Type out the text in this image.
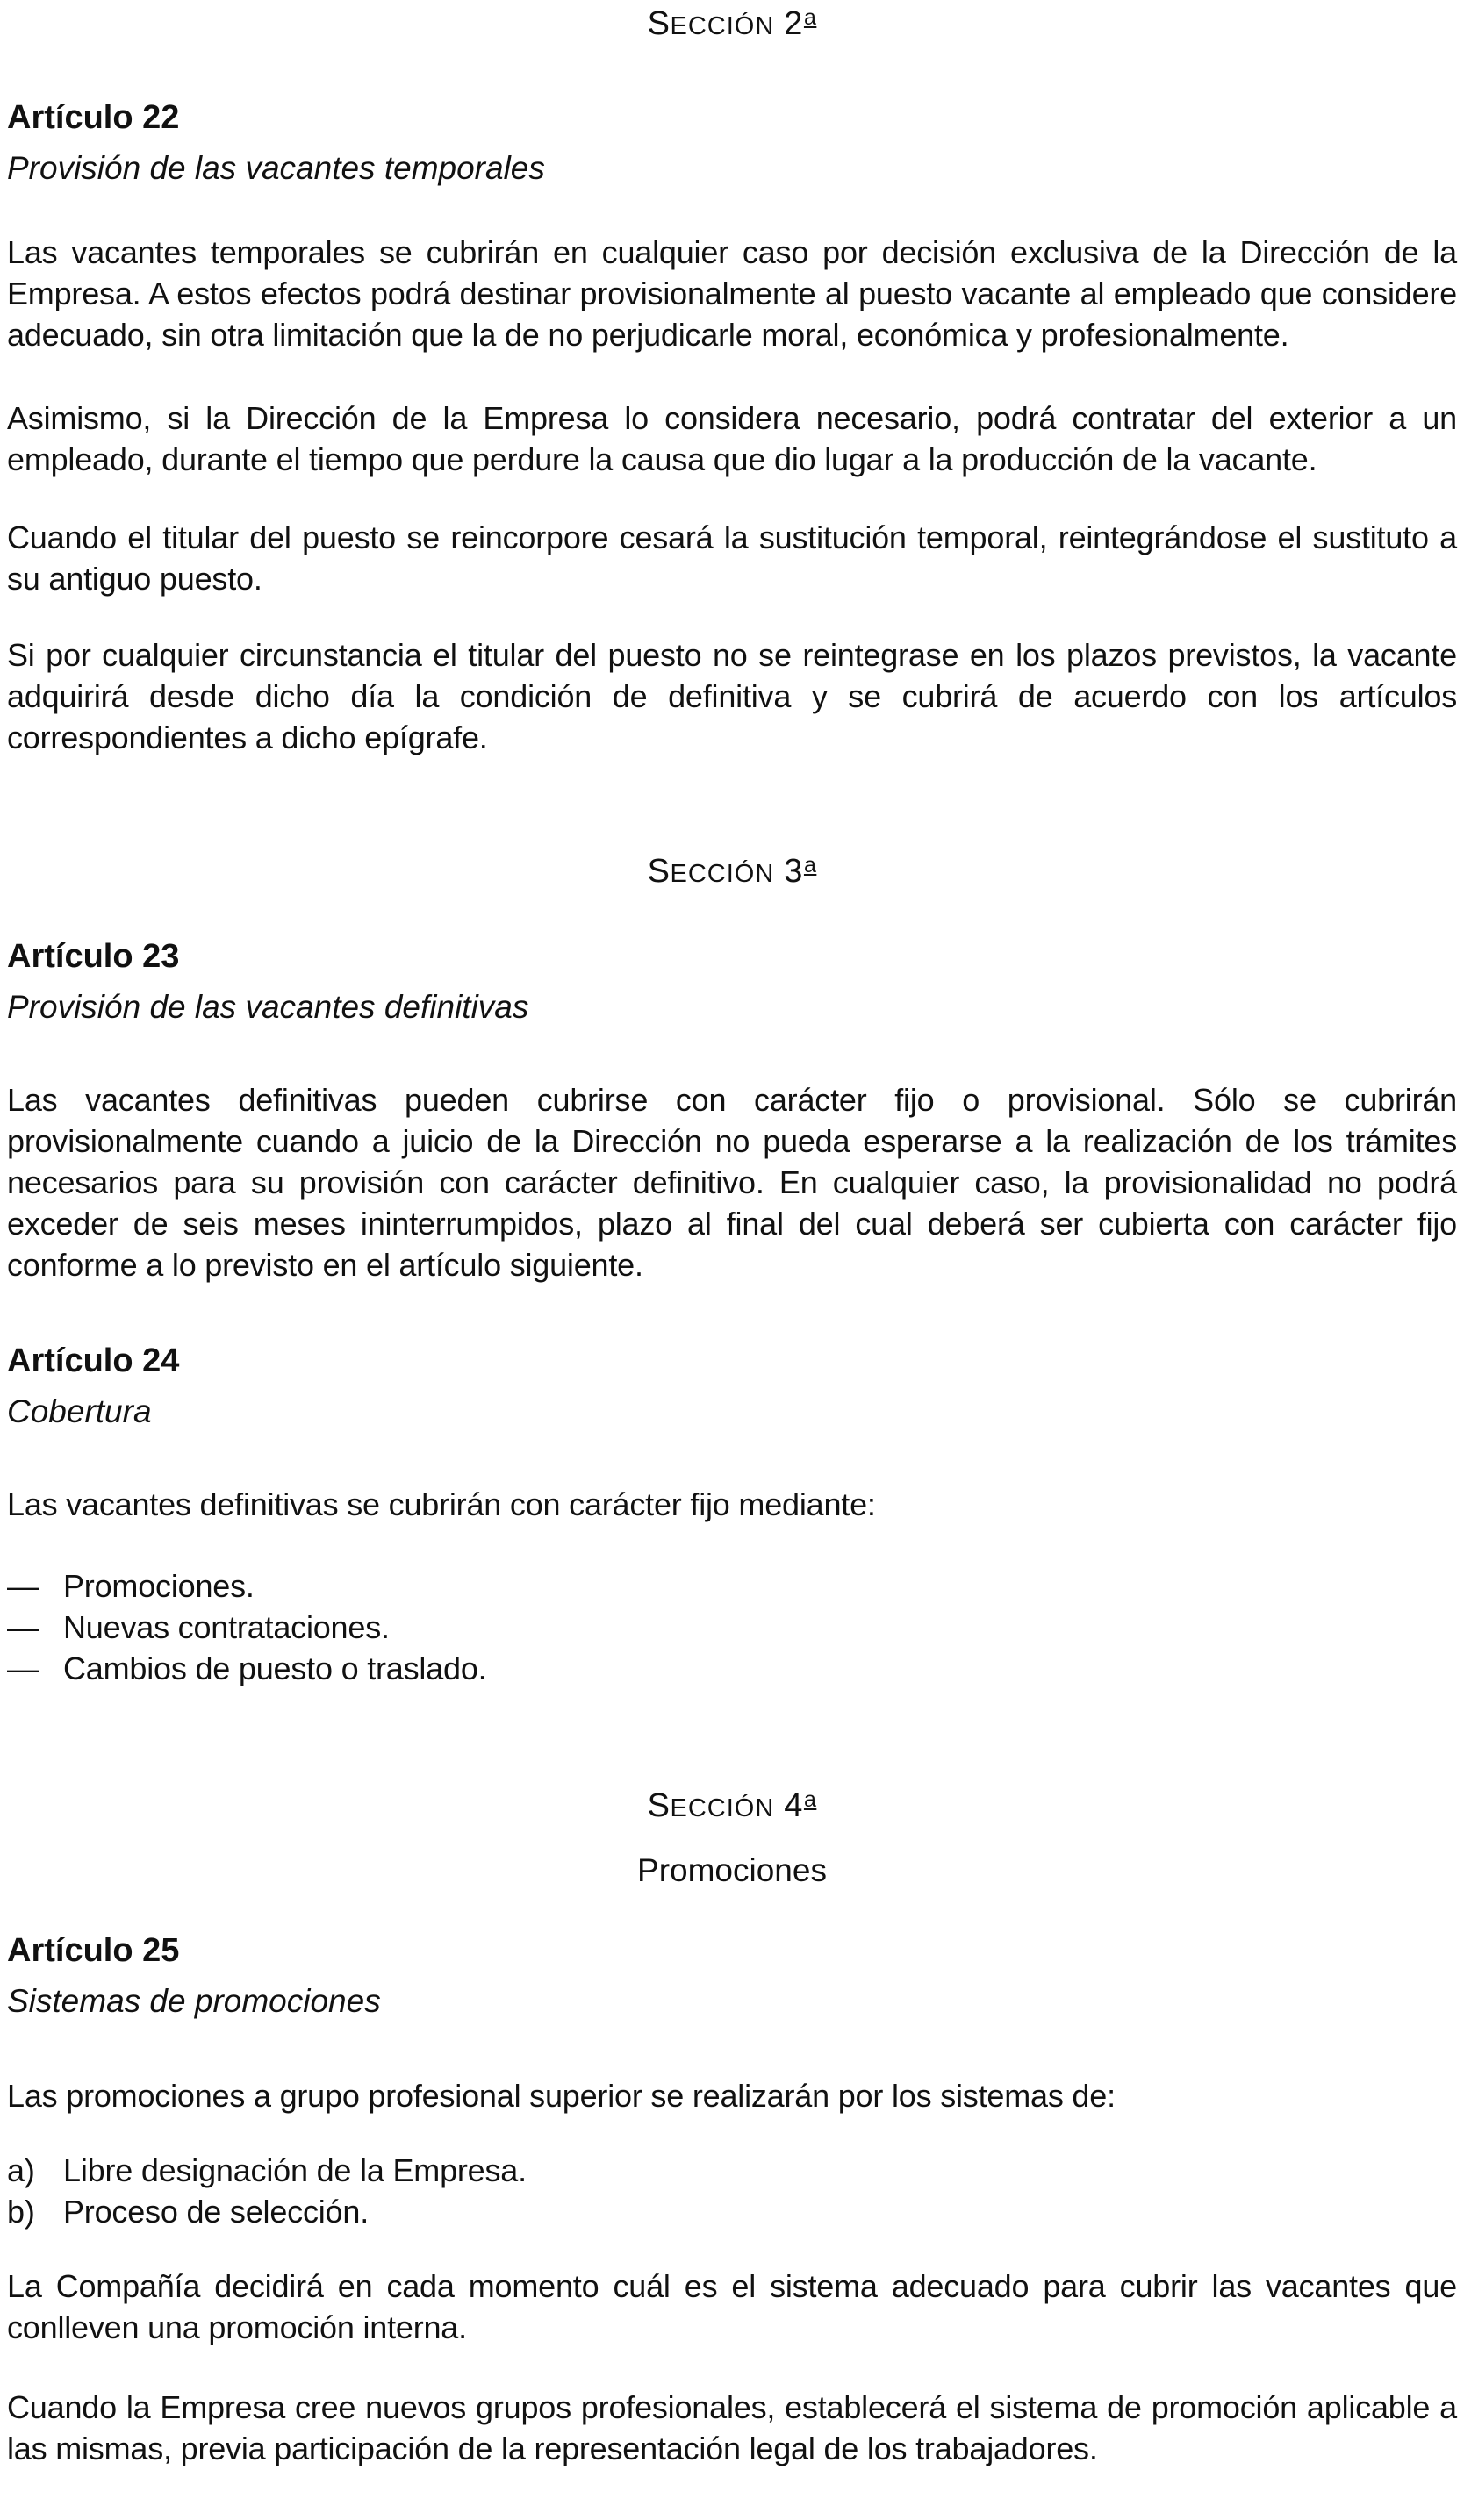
SECCIÓN 2a
Artículo 22
Provisión de las vacantes temporales
Las vacantes temporales se cubrirán en cualquier caso por decisión exclusiva de la Dirección de la Empresa. A estos efectos podrá destinar provisionalmente al puesto vacante al empleado que considere adecuado, sin otra limitación que la de no perjudicarle moral, económica y profesionalmente.
Asimismo, si la Dirección de la Empresa lo considera necesario, podrá contratar del exterior a un empleado, durante el tiempo que perdure la causa que dio lugar a la producción de la vacante.
Cuando el titular del puesto se reincorpore cesará la sustitución temporal, reintegrándose el sustituto a su antiguo puesto.
Si por cualquier circunstancia el titular del puesto no se reintegrase en los plazos previstos, la vacante adquirirá desde dicho día la condición de definitiva y se cubrirá de acuerdo con los artículos correspondientes a dicho epígrafe.
SECCIÓN 3a
Artículo 23
Provisión de las vacantes definitivas
Las vacantes definitivas pueden cubrirse con carácter fijo o provisional. Sólo se cubrirán provisionalmente cuando a juicio de la Dirección no pueda esperarse a la realización de los trámites necesarios para su provisión con carácter definitivo. En cualquier caso, la provisionalidad no podrá exceder de seis meses ininterrumpidos, plazo al final del cual deberá ser cubierta con carácter fijo conforme a lo previsto en el artículo siguiente.
Artículo 24
Cobertura
Las vacantes definitivas se cubrirán con carácter fijo mediante:
— Promociones.
— Nuevas contrataciones.
— Cambios de puesto o traslado.
SECCIÓN 4a
Promociones
Artículo 25
Sistemas de promociones
Las promociones a grupo profesional superior se realizarán por los sistemas de:
a) Libre designación de la Empresa.
b) Proceso de selección.
La Compañía decidirá en cada momento cuál es el sistema adecuado para cubrir las vacantes que conlleven una promoción interna.
Cuando la Empresa cree nuevos grupos profesionales, establecerá el sistema de promoción aplicable a las mismas, previa participación de la representación legal de los trabajadores.
